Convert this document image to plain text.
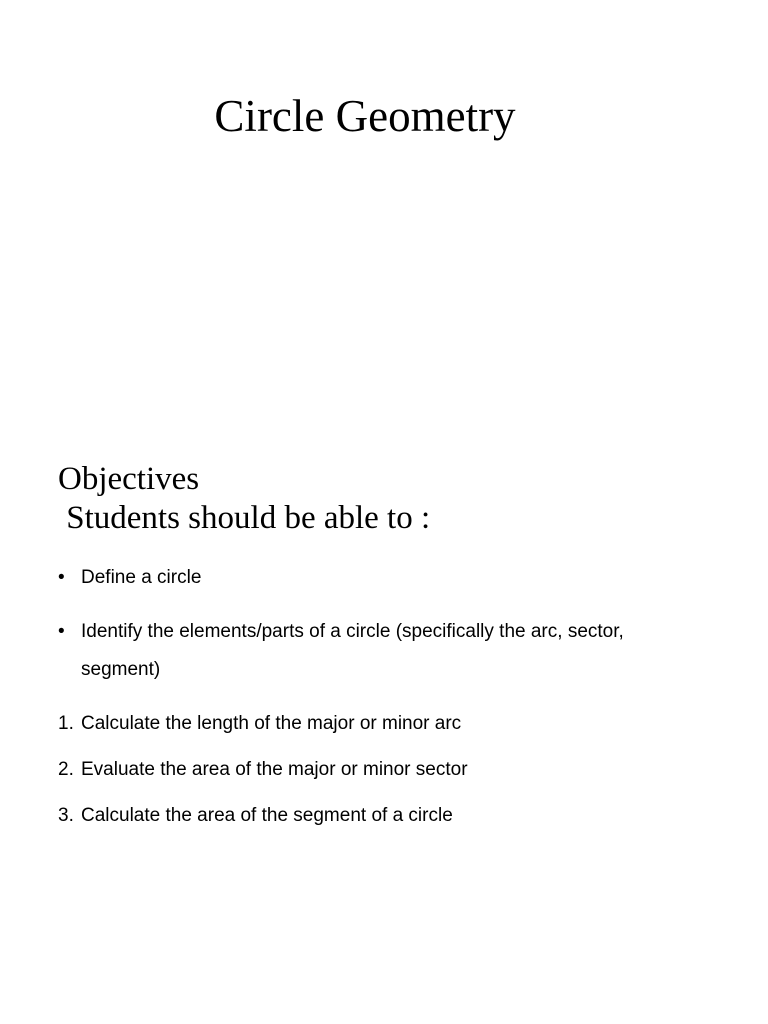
Circle Geometry
Objectives
Students should be able to :
• Define a circle
• Identify the elements/parts of a circle (specifically the arc, sector, segment)
1. Calculate the length of the major or minor arc
2. Evaluate the area of the major or minor sector
3. Calculate the area of the segment of a circle
